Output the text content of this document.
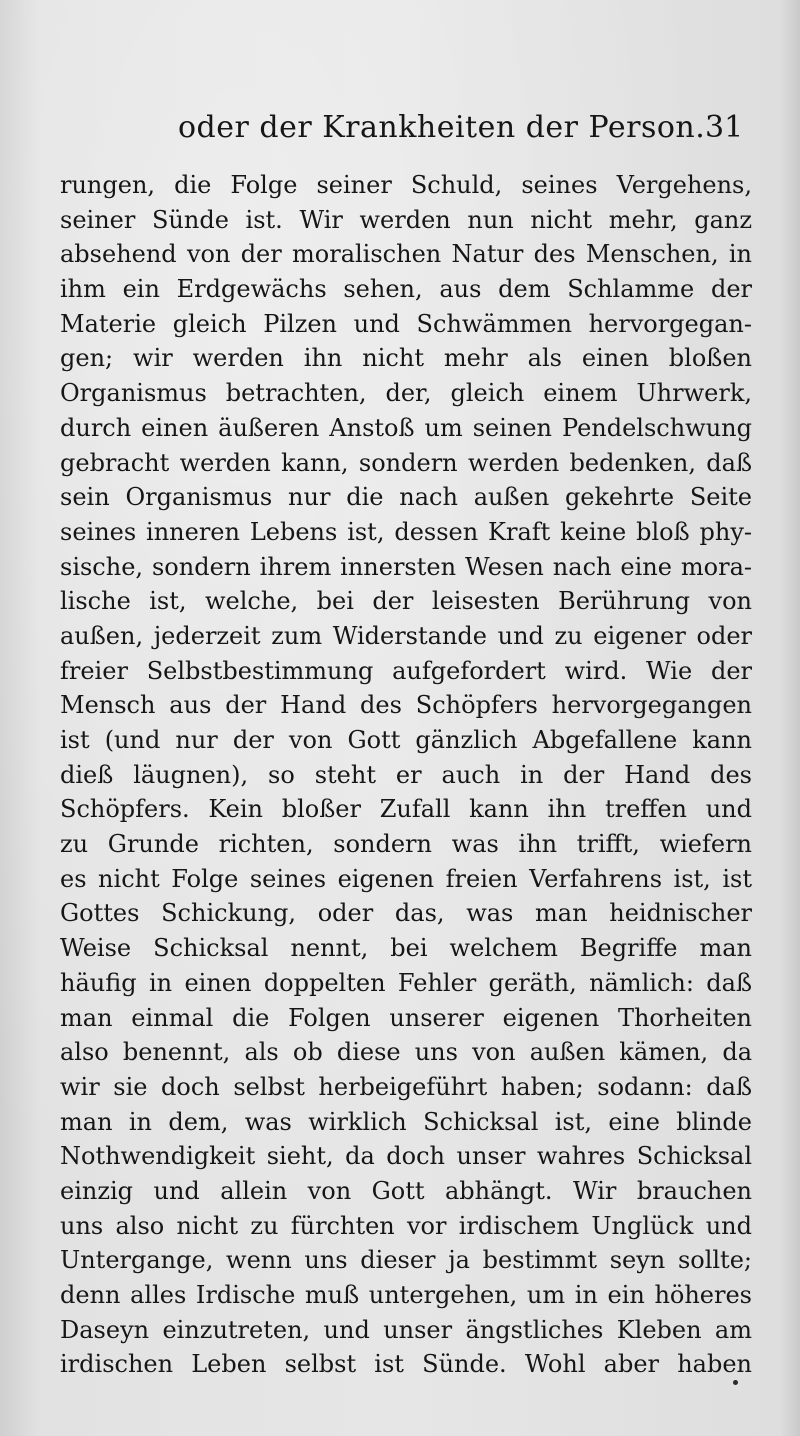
oder der Krankheiten der Person. 31
rungen, die Folge seiner Schuld, seines Vergehens,
seiner Sünde ist. Wir werden nun nicht mehr, ganz
absehend von der moralischen Natur des Menschen, in
ihm ein Erdgewächs sehen, aus dem Schlamme der
Materie gleich Pilzen und Schwämmen hervorgegan-
gen; wir werden ihn nicht mehr als einen bloßen
Organismus betrachten, der, gleich einem Uhrwerk,
durch einen äußeren Anstoß um seinen Pendelschwung
gebracht werden kann, sondern werden bedenken, daß
sein Organismus nur die nach außen gekehrte Seite
seines inneren Lebens ist, dessen Kraft keine bloß phy-
sische, sondern ihrem innersten Wesen nach eine mora-
lische ist, welche, bei der leisesten Berührung von
außen, jederzeit zum Widerstande und zu eigener oder
freier Selbstbestimmung aufgefordert wird. Wie der
Mensch aus der Hand des Schöpfers hervorgegangen
ist (und nur der von Gott gänzlich Abgefallene kann
dieß läugnen), so steht er auch in der Hand des
Schöpfers. Kein bloßer Zufall kann ihn treffen und
zu Grunde richten, sondern was ihn trifft, wiefern
es nicht Folge seines eigenen freien Verfahrens ist, ist
Gottes Schickung, oder das, was man heidnischer
Weise Schicksal nennt, bei welchem Begriffe man
häufig in einen doppelten Fehler geräth, nämlich: daß
man einmal die Folgen unserer eigenen Thorheiten
also benennt, als ob diese uns von außen kämen, da
wir sie doch selbst herbeigeführt haben; sodann: daß
man in dem, was wirklich Schicksal ist, eine blinde
Nothwendigkeit sieht, da doch unser wahres Schicksal
einzig und allein von Gott abhängt. Wir brauchen
uns also nicht zu fürchten vor irdischem Unglück und
Untergange, wenn uns dieser ja bestimmt seyn sollte;
denn alles Irdische muß untergehen, um in ein höheres
Daseyn einzutreten, und unser ängstliches Kleben am
irdischen Leben selbst ist Sünde. Wohl aber haben
